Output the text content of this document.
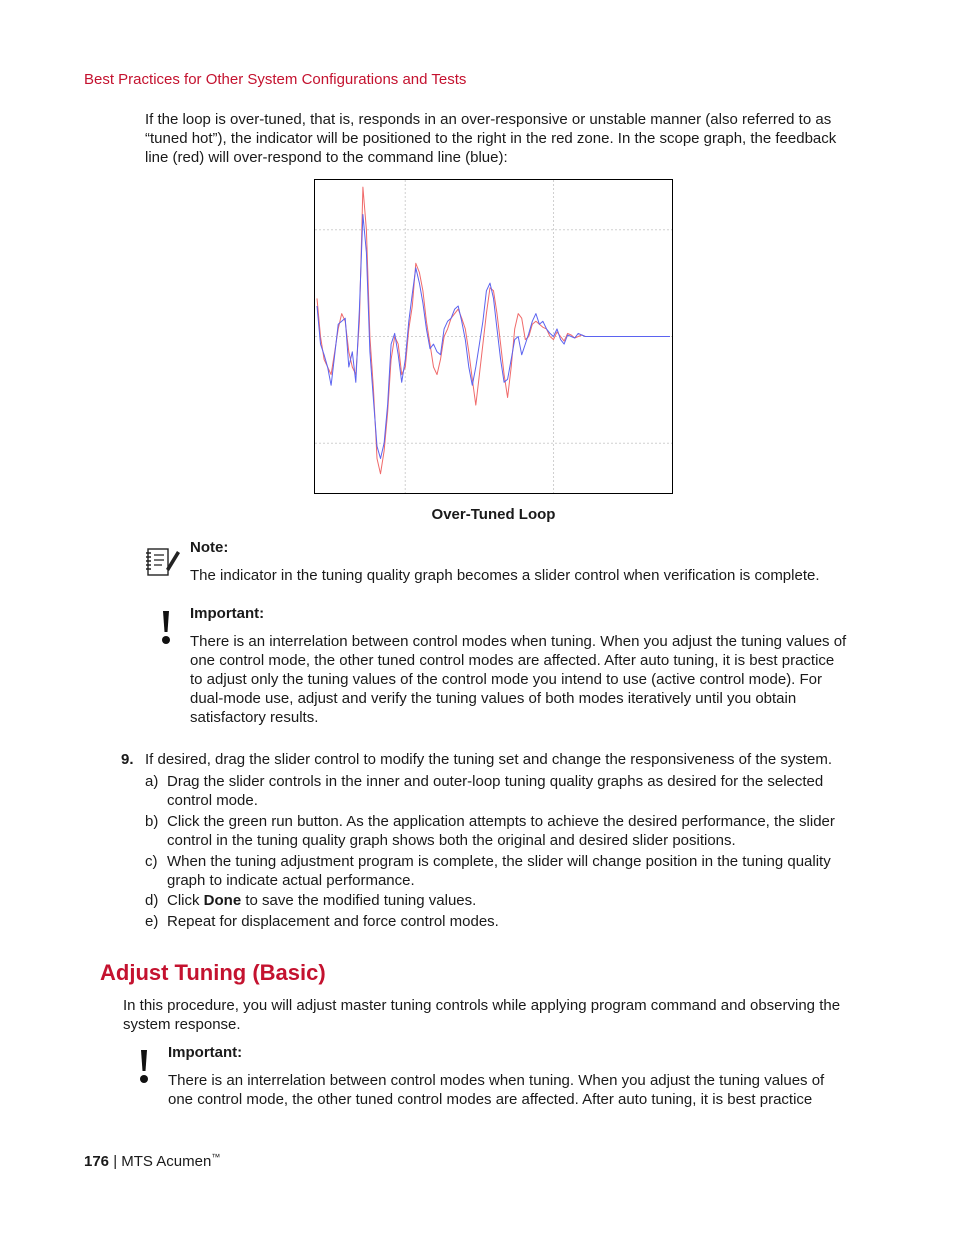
Best Practices for Other System Configurations and Tests
If the loop is over-tuned, that is, responds in an over-responsive or unstable manner (also referred to as “tuned hot”), the indicator will be positioned to the right in the red zone. In the scope graph, the feedback line (red) will over-respond to the command line (blue):
Over-Tuned Loop
Note:
The indicator in the tuning quality graph becomes a slider control when verification is complete.
Important:
There is an interrelation between control modes when tuning. When you adjust the tuning values of one control mode, the other tuned control modes are affected. After auto tuning, it is best practice to adjust only the tuning values of the control mode you intend to use (active control mode). For dual-mode use, adjust and verify the tuning values of both modes iteratively until you obtain satisfactory results.
9. If desired, drag the slider control to modify the tuning set and change the responsiveness of the system.
a) Drag the slider controls in the inner and outer-loop tuning quality graphs as desired for the selected control mode.
b) Click the green run button. As the application attempts to achieve the desired performance, the slider control in the tuning quality graph shows both the original and desired slider positions.
c) When the tuning adjustment program is complete, the slider will change position in the tuning quality graph to indicate actual performance.
d) Click Done to save the modified tuning values.
e) Repeat for displacement and force control modes.
Adjust Tuning (Basic)
In this procedure, you will adjust master tuning controls while applying program command and observing the system response.
Important:
There is an interrelation between control modes when tuning. When you adjust the tuning values of one control mode, the other tuned control modes are affected. After auto tuning, it is best practice
176 | MTS Acumen™
